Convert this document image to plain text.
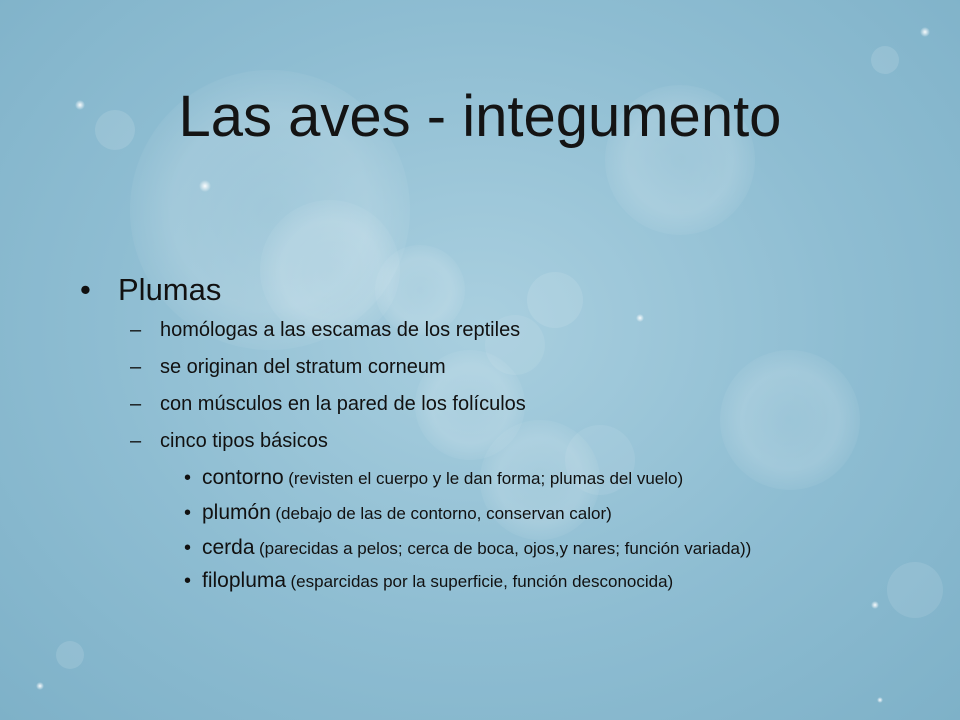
Las aves - integumento
• Plumas
– homólogas a las escamas de los reptiles
– se originan del stratum corneum
– con músculos en la pared de los folículos
– cinco tipos básicos
• contorno (revisten el cuerpo y le dan forma; plumas del vuelo)
• plumón (debajo de las de contorno, conservan calor)
• cerda (parecidas a pelos; cerca de boca, ojos,y nares; función variada))
• filopluma (esparcidas por la superficie, función desconocida)
